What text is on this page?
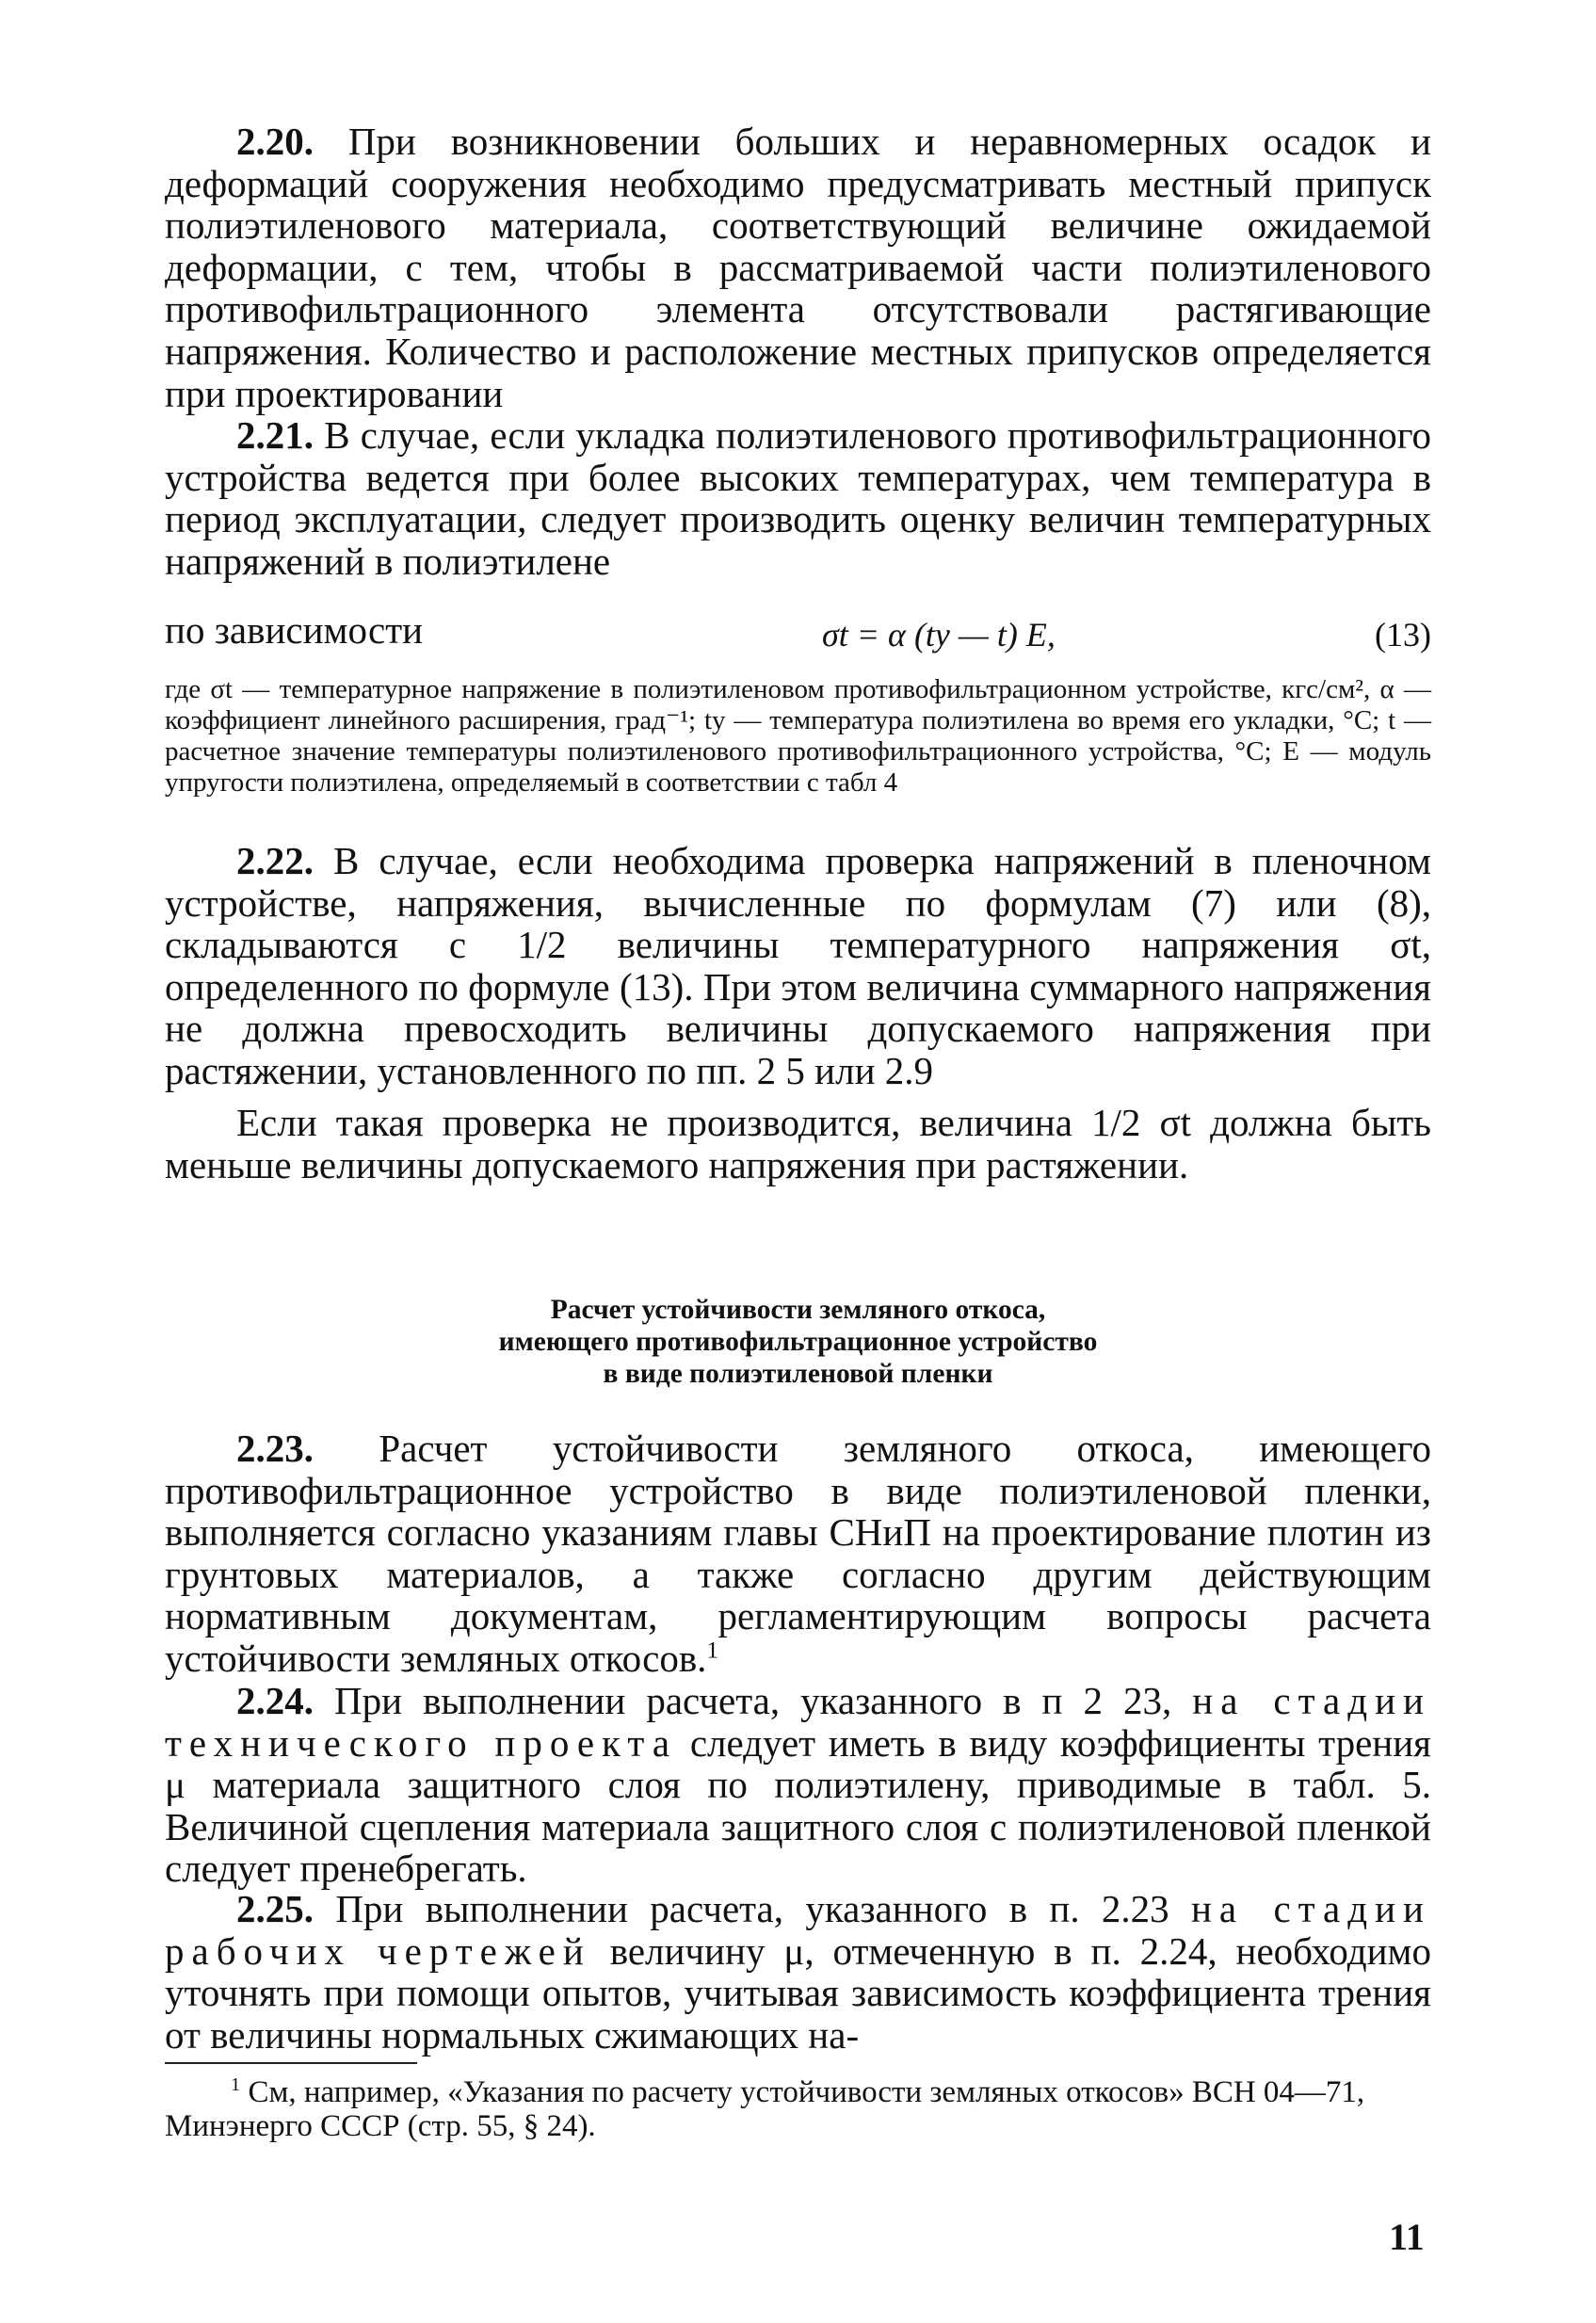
2.20. При возникновении больших и неравномерных осадок и деформаций сооружения необходимо предусматривать местный припуск полиэтиленового материала, соответствующий величине ожидаемой деформации, с тем, чтобы в рассматриваемой части полиэтиленового противофильтрационного элемента отсутствовали растягивающие напряжения. Количество и расположение местных припусков определяется при проектировании

2.21. В случае, если укладка полиэтиленового противофильтрационного устройства ведется при более высоких температурах, чем температура в период эксплуатации, следует производить оценку величин температурных напряжений в полиэтилене

по зависимости	σt = α (ty — t) E,	(13)

где σt — температурное напряжение в полиэтиленовом противофильтрационном устройстве, кгс/см², α — коэффициент линейного расширения, град⁻¹; ty — температура полиэтилена во время его укладки, °С; t — расчетное значение температуры полиэтиленового противофильтрационного устройства, °С; E — модуль упругости полиэтилена, определяемый в соответствии с табл 4

2.22. В случае, если необходима проверка напряжений в пленочном устройстве, напряжения, вычисленные по формулам (7) или (8), складываются с 1/2 величины температурного напряжения σt, определенного по формуле (13). При этом величина суммарного напряжения не должна превосходить величины допускаемого напряжения при растяжении, установленного по пп. 2 5 или 2.9

Если такая проверка не производится, величина 1/2 σt должна быть меньше величины допускаемого напряжения при растяжении.

Расчет устойчивости земляного откоса,
имеющего противофильтрационное устройство
в виде полиэтиленовой пленки

2.23. Расчет устойчивости земляного откоса, имеющего противофильтрационное устройство в виде полиэтиленовой пленки, выполняется согласно указаниям главы СНиП на проектирование плотин из грунтовых материалов, а также согласно другим действующим нормативным документам, регламентирующим вопросы расчета устойчивости земляных откосов.$^1$

2.24. При выполнении расчета, указанного в п 2 23, на стадии технического проекта следует иметь в виду коэффициенты трения μ материала защитного слоя по полиэтилену, приводимые в табл. 5. Величиной сцепления материала защитного слоя с полиэтиленовой пленкой следует пренебрегать.

2.25. При выполнении расчета, указанного в п. 2.23 на стадии рабочих чертежей величину μ, отмеченную в п. 2.24, необходимо уточнять при помощи опытов, учитывая зависимость коэффициента трения от величины нормальных сжимающих на-

$^1$ См, например, «Указания по расчету устойчивости земляных откосов» ВСН 04—71, Минэнерго СССР (стр. 55, § 24).

11
